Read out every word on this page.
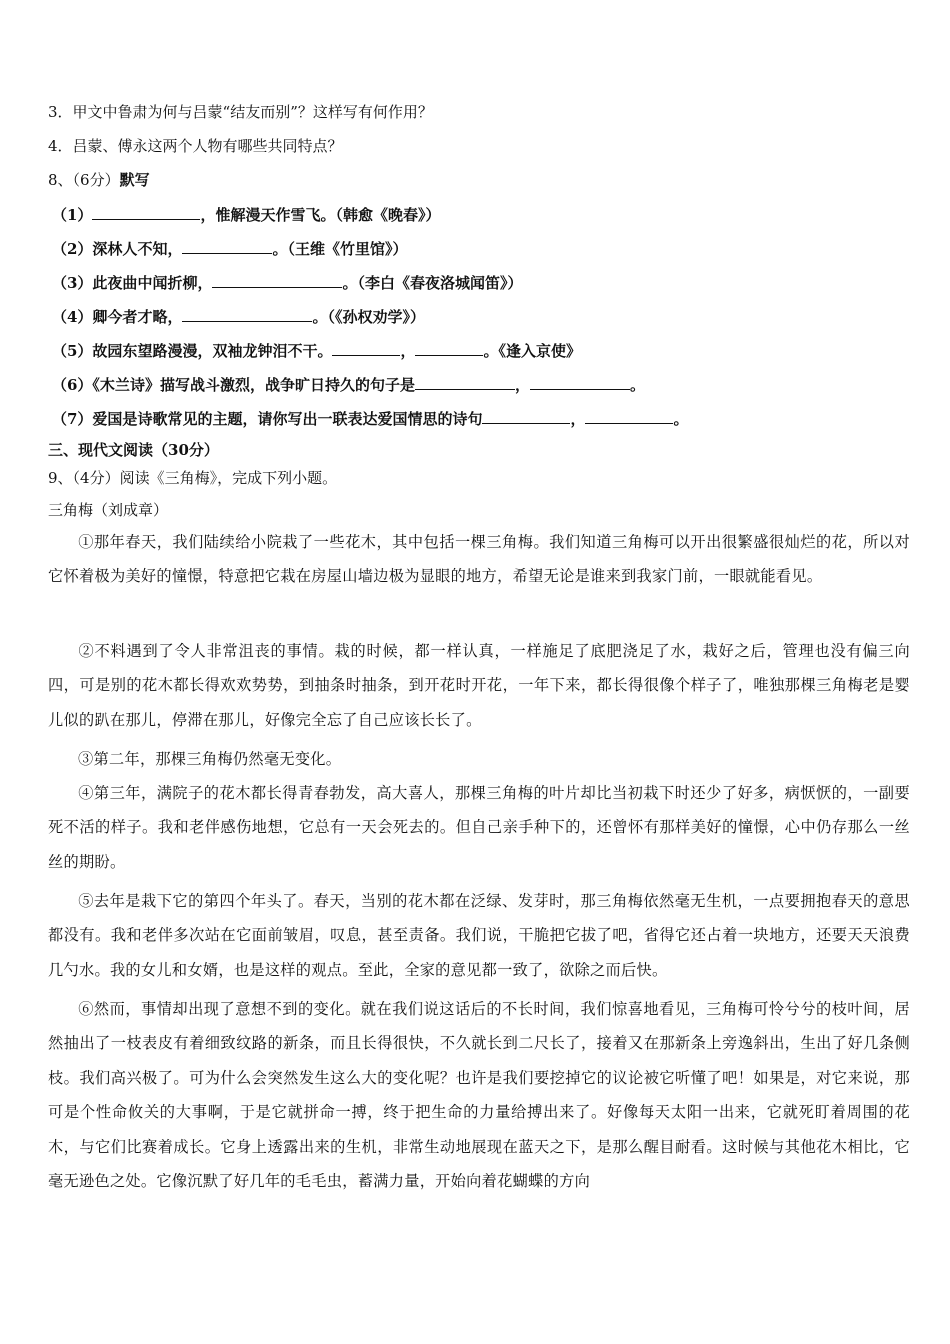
3．甲文中鲁肃为何与吕蒙“结友而别”？这样写有何作用？
4．吕蒙、傅永这两个人物有哪些共同特点？
8、（6分）默写
（1）	，惟解漫天作雪飞。（韩愈《晚春》）
（2）深林人不知，	。（王维《竹里馆》）
（3）此夜曲中闻折柳，	。（李白《春夜洛城闻笛》）
（4）卿今者才略，	。（《孙权劝学》）
（5）故园东望路漫漫，双袖龙钟泪不干。	，	。《逢入京使》
（6）《木兰诗》描写战斗激烈，战争旷日持久的句子是	，	。
（7）爱国是诗歌常见的主题，请你写出一联表达爱国情思的诗句	，	。
三、现代文阅读（30分）
9、（4分）阅读《三角梅》，完成下列小题。
三角梅（刘成章）
①那年春天，我们陆续给小院栽了一些花木，其中包括一棵三角梅。我们知道三角梅可以开出很繁盛很灿烂的花，所以对它怀着极为美好的憧憬，特意把它栽在房屋山墙边极为显眼的地方，希望无论是谁来到我家门前，一眼就能看见。
②不料遇到了令人非常沮丧的事情。栽的时候，都一样认真，一样施足了底肥浇足了水，栽好之后，管理也没有偏三向四，可是别的花木都长得欢欢势势，到抽条时抽条，到开花时开花，一年下来，都长得很像个样子了，唯独那棵三角梅老是婴儿似的趴在那儿，停滞在那儿，好像完全忘了自己应该长长了。
③第二年，那棵三角梅仍然毫无变化。
④第三年，满院子的花木都长得青春勃发，高大喜人，那棵三角梅的叶片却比当初栽下时还少了好多，病恹恹的，一副要死不活的样子。我和老伴感伤地想，它总有一天会死去的。但自己亲手种下的，还曾怀有那样美好的憧憬，心中仍存那么一丝丝的期盼。
⑤去年是栽下它的第四个年头了。春天，当别的花木都在泛绿、发芽时，那三角梅依然毫无生机，一点要拥抱春天的意思都没有。我和老伴多次站在它面前皱眉，叹息，甚至责备。我们说，干脆把它拔了吧，省得它还占着一块地方，还要天天浪费几勺水。我的女儿和女婿，也是这样的观点。至此，全家的意见都一致了，欲除之而后快。
⑥然而，事情却出现了意想不到的变化。就在我们说这话后的不长时间，我们惊喜地看见，三角梅可怜兮兮的枝叶间，居然抽出了一枝表皮有着细致纹路的新条，而且长得很快，不久就长到二尺长了，接着又在那新条上旁逸斜出，生出了好几条侧枝。我们高兴极了。可为什么会突然发生这么大的变化呢？也许是我们要挖掉它的议论被它听懂了吧！如果是，对它来说，那可是个性命攸关的大事啊，于是它就拼命一搏，终于把生命的力量给搏出来了。好像每天太阳一出来，它就死盯着周围的花木，与它们比赛着成长。它身上透露出来的生机，非常生动地展现在蓝天之下，是那么醒目耐看。这时候与其他花木相比，它毫无逊色之处。它像沉默了好几年的毛毛虫，蓄满力量，开始向着花蝴蝶的方向
